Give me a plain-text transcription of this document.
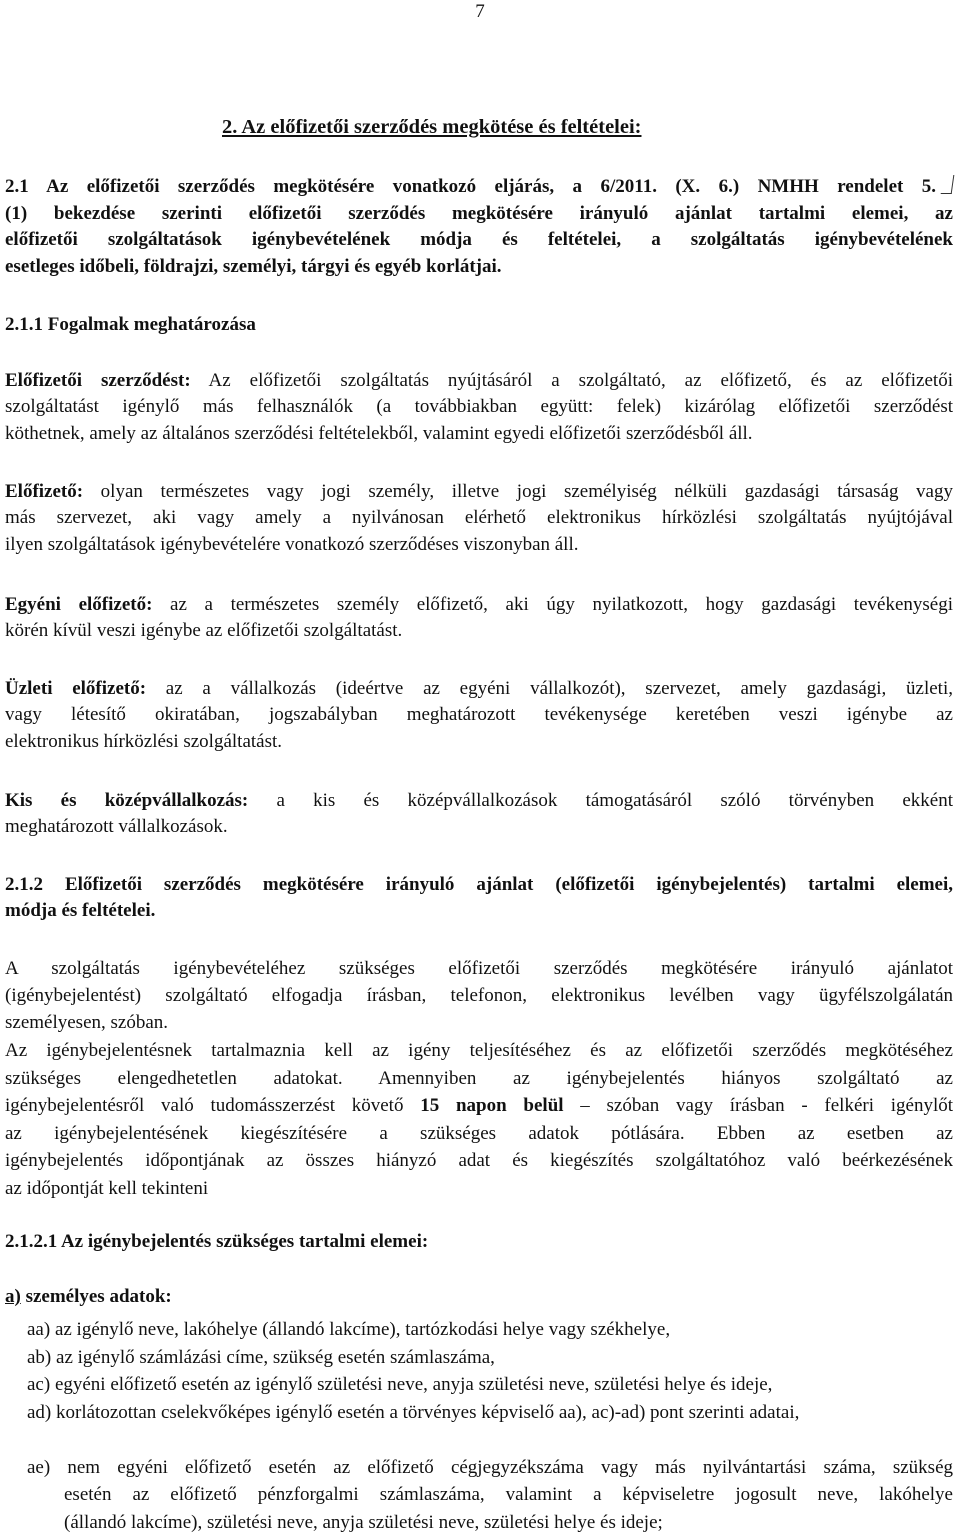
7
2. Az előfizetői szerződés megkötése és feltételei:
2.1 Az előfizetői szerződés megkötésére vonatkozó eljárás, a 6/2011. (X. 6.) NMHH rendelet 5.
(1) bekezdése szerinti előfizetői szerződés megkötésére irányuló ajánlat tartalmi elemei, az
előfizetői szolgáltatások igénybevételének módja és feltételei, a szolgáltatás igénybevételének
esetleges időbeli, földrajzi, személyi, tárgyi és egyéb korlátjai.
2.1.1 Fogalmak meghatározása

Előfizetői szerződést: Az előfizetői szolgáltatás nyújtásáról a szolgáltató, az előfizető, és az előfizetői
szolgáltatást igénylő más felhasználók (a továbbiakban együtt: felek) kizárólag előfizetői szerződést
köthetnek, amely az általános szerződési feltételekből, valamint egyedi előfizetői szerződésből áll.

Előfizető: olyan természetes vagy jogi személy, illetve jogi személyiség nélküli gazdasági társaság vagy
más szervezet, aki vagy amely a nyilvánosan elérhető elektronikus hírközlési szolgáltatás nyújtójával
ilyen szolgáltatások igénybevételére vonatkozó szerződéses viszonyban áll.

Egyéni előfizető: az a természetes személy előfizető, aki úgy nyilatkozott, hogy gazdasági tevékenységi
körén kívül veszi igénybe az előfizetői szolgáltatást.

Üzleti előfizető: az a vállalkozás (ideértve az egyéni vállalkozót), szervezet, amely gazdasági, üzleti,
vagy létesítő okiratában, jogszabályban meghatározott tevékenysége keretében veszi igénybe az
elektronikus hírközlési szolgáltatást.

Kis és középvállalkozás: a kis és középvállalkozások támogatásáról szóló törvényben ekként
meghatározott vállalkozások.

2.1.2 Előfizetői szerződés megkötésére irányuló ajánlat (előfizetői igénybejelentés) tartalmi elemei,
módja és feltételei.

A szolgáltatás igénybevételéhez szükséges előfizetői szerződés megkötésére irányuló ajánlatot
(igénybejelentést) szolgáltató elfogadja írásban, telefonon, elektronikus levélben vagy ügyfélszolgálatán
személyesen, szóban.

Az igénybejelentésnek tartalmaznia kell az igény teljesítéséhez és az előfizetői szerződés megkötéséhez
szükséges elengedhetetlen adatokat. Amennyiben az igénybejelentés hiányos szolgáltató az
igénybejelentésről való tudomásszerzést követő 15 napon belül – szóban vagy írásban - felkéri igénylőt
az igénybejelentésének kiegészítésére a szükséges adatok pótlására. Ebben az esetben az
igénybejelentés időpontjának az összes hiányzó adat és kiegészítés szolgáltatóhoz való beérkezésének
az időpontját kell tekinteni

2.1.2.1 Az igénybejelentés szükséges tartalmi elemei:
a) személyes adatok:
aa) az igénylő neve, lakóhelye (állandó lakcíme), tartózkodási helye vagy székhelye,
ab) az igénylő számlázási címe, szükség esetén számlaszáma,
ac) egyéni előfizető esetén az igénylő születési neve, anyja születési neve, születési helye és ideje,
ad) korlátozottan cselekvőképes igénylő esetén a törvényes képviselő aa), ac)-ad) pont szerinti adatai,
ae) nem egyéni előfizető esetén az előfizető cégjegyzékszáma vagy más nyilvántartási száma, szükség
esetén az előfizető pénzforgalmi számlaszáma, valamint a képviseletre jogosult neve, lakóhelye
(állandó lakcíme), születési neve, anyja születési neve, születési helye és ideje;
